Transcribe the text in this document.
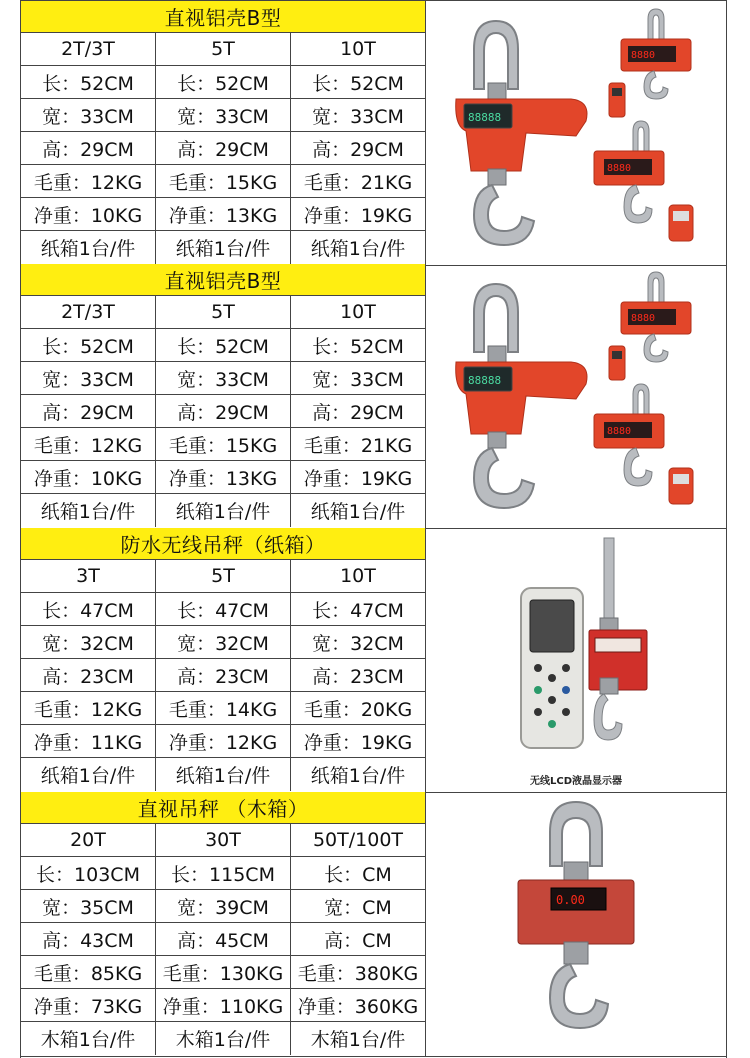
直视铝壳B型
2T/3T	5T	10T
长：52CM	长：52CM	长：52CM
宽：33CM	宽：33CM	宽：33CM
高：29CM	高：29CM	高：29CM
毛重：12KG	毛重：15KG	毛重：21KG
净重：10KG	净重：13KG	净重：19KG
纸箱1台/件	纸箱1台/件	纸箱1台/件
88888
8880
8880
直视铝壳B型
2T/3T	5T	10T
长：52CM	长：52CM	长：52CM
宽：33CM	宽：33CM	宽：33CM
高：29CM	高：29CM	高：29CM
毛重：12KG	毛重：15KG	毛重：21KG
净重：10KG	净重：13KG	净重：19KG
纸箱1台/件	纸箱1台/件	纸箱1台/件
88888
8880
8880
防水无线吊秤（纸箱）
3T	5T	10T
长：47CM	长：47CM	长：47CM
宽：32CM	宽：32CM	宽：32CM
高：23CM	高：23CM	高：23CM
毛重：12KG	毛重：14KG	毛重：20KG
净重：11KG	净重：12KG	净重：19KG
纸箱1台/件	纸箱1台/件	纸箱1台/件	无线LCD液晶显示器
直视吊秤 （木箱）
20T	30T	50T/100T
长：103CM	长：115CM	长：CM
宽：35CM	宽：39CM	宽：CM
高：43CM	高：45CM	高：CM
毛重：85KG	毛重：130KG 毛重：380KG
净重：73KG	净重：110KG 净重：360KG
木箱1台/件	木箱1台/件	木箱1台/件
0.00
